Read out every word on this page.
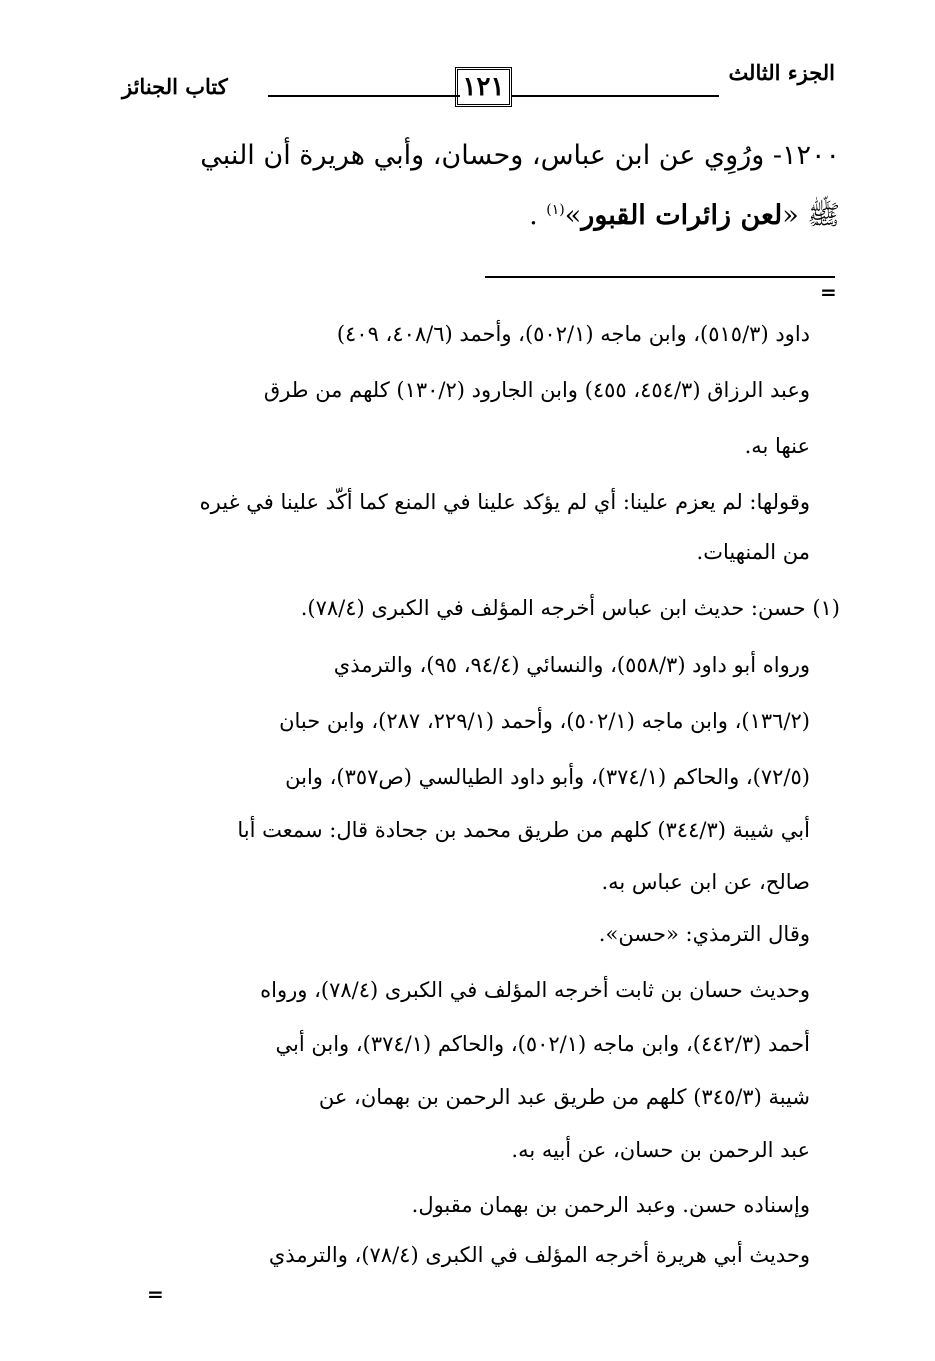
الجزء الثالث
١٢١
كتاب الجنائز
١٢٠٠- ورُوِي عن ابن عباس، وحسان، وأبي هريرة أن النبي
ﷺ «لعن زائرات القبور»$^{(١)}$ .
=
داود (٥١٥/٣)، وابن ماجه (٥٠٢/١)، وأحمد (٤٠٨/٦، ٤٠٩)
وعبد الرزاق (٤٥٤/٣، ٤٥٥) وابن الجارود (١٣٠/٢) كلهم من طرق
عنها به.
وقولها: لم يعزم علينا: أي لم يؤكد علينا في المنع كما أكّد علينا في غيره
من المنهيات.
(١) حسن: حديث ابن عباس أخرجه المؤلف في الكبرى (٧٨/٤).
ورواه أبو داود (٥٥٨/٣)، والنسائي (٩٤/٤، ٩٥)، والترمذي
(١٣٦/٢)، وابن ماجه (٥٠٢/١)، وأحمد (٢٢٩/١، ٢٨٧)، وابن حبان
(٧٢/٥)، والحاكم (٣٧٤/١)، وأبو داود الطيالسي (ص٣٥٧)، وابن
أبي شيبة (٣٤٤/٣) كلهم من طريق محمد بن جحادة قال: سمعت أبا
صالح، عن ابن عباس به.
وقال الترمذي: «حسن».
وحديث حسان بن ثابت أخرجه المؤلف في الكبرى (٧٨/٤)، ورواه
أحمد (٤٤٢/٣)، وابن ماجه (٥٠٢/١)، والحاكم (٣٧٤/١)، وابن أبي
شيبة (٣٤٥/٣) كلهم من طريق عبد الرحمن بن بهمان، عن
عبد الرحمن بن حسان، عن أبيه به.
وإسناده حسن. وعبد الرحمن بن بهمان مقبول.
وحديث أبي هريرة أخرجه المؤلف في الكبرى (٧٨/٤)، والترمذي
=
